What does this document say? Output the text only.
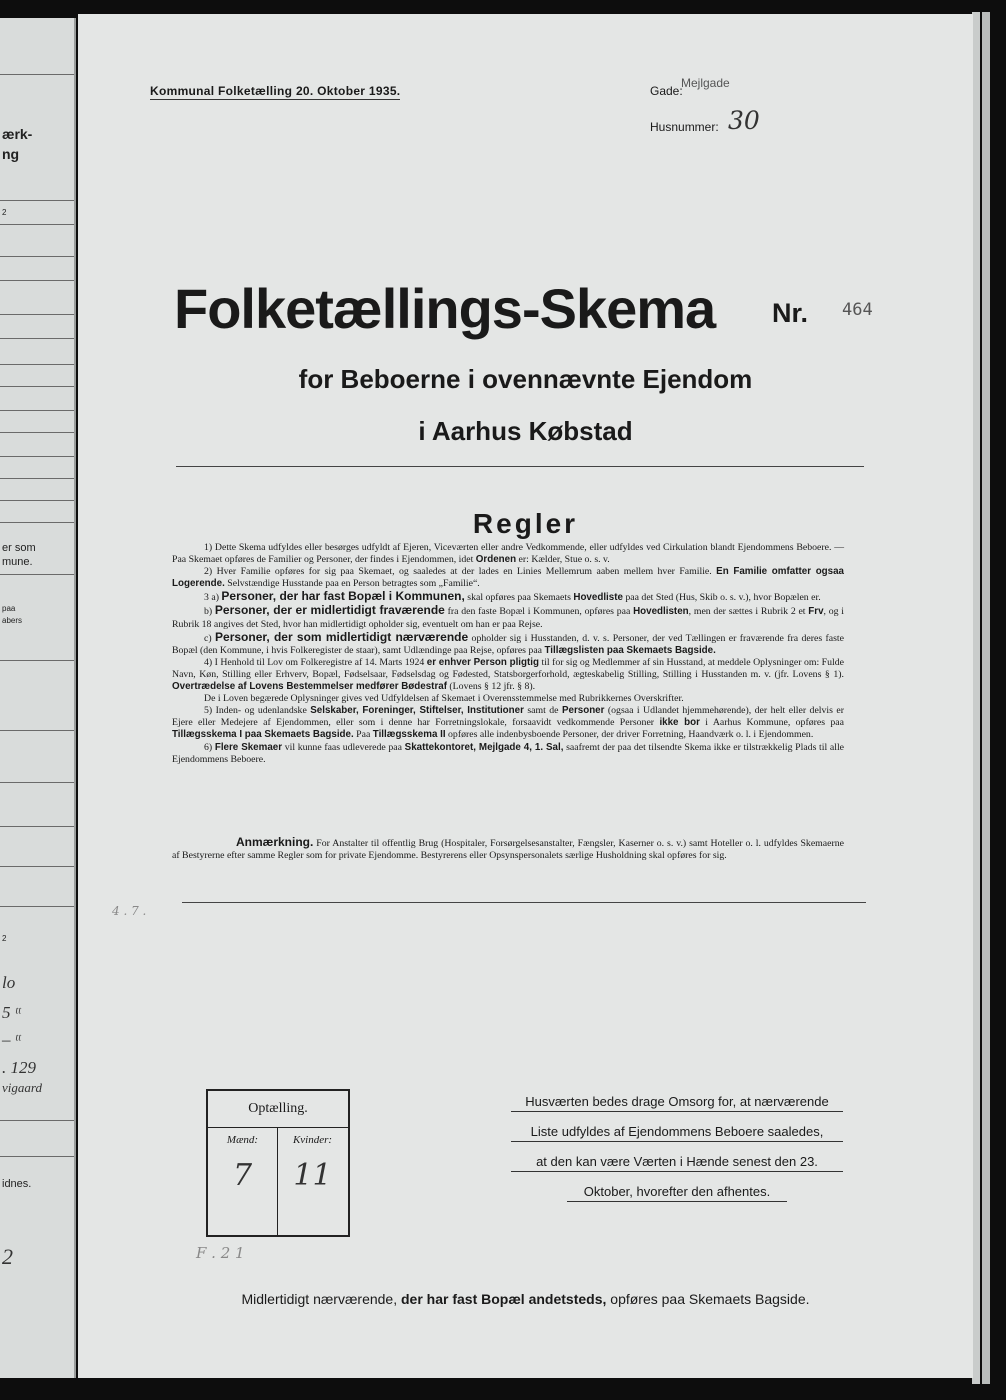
ærk-
ng
2
er som
mune.
paa
abers
2
lo
5 ᵗᵗ
– ᵗᵗ
. 129
vigaard
idnes.
2
Kommunal Folketælling 20. Oktober 1935.	Gade:
Mejlgade
Husnummer: 30
Folketællings-Skema Nr. 464
for Beboerne i ovennævnte Ejendom
i Aarhus Købstad
Regler

1) Dette Skema udfyldes eller besørges udfyldt af Ejeren, Viceværten eller andre Vedkommende, eller udfyldes ved Cirkulation blandt Ejendommens Beboere. — Paa Skemaet opføres de Familier og Personer, der findes i Ejendommen, idet Ordenen er: Kælder, Stue o. s. v.

2) Hver Familie opføres for sig paa Skemaet, og saaledes at der lades en Linies Mellemrum aaben mellem hver Familie. En Familie omfatter ogsaa Logerende. Selvstændige Husstande paa en Person betragtes som „Familie“.

3 a) Personer, der har fast Bopæl i Kommunen, skal opføres paa Skemaets Hovedliste paa det Sted (Hus, Skib o. s. v.), hvor Bopælen er.

b) Personer, der er midlertidigt fraværende fra den faste Bopæl i Kommunen, opføres paa Hovedlisten, men der sættes i Rubrik 2 et Frv, og i Rubrik 18 angives det Sted, hvor han midlertidigt opholder sig, eventuelt om han er paa Rejse.

c) Personer, der som midlertidigt nærværende opholder sig i Husstanden, d. v. s. Personer, der ved Tællingen er fraværende fra deres faste Bopæl (den Kommune, i hvis Folkeregister de staar), samt Udlændinge paa Rejse, opføres paa Tillægslisten paa Skemaets Bagside.

4) I Henhold til Lov om Folkeregistre af 14. Marts 1924 er enhver Person pligtig til for sig og Medlemmer af sin Husstand, at meddele Oplysninger om: Fulde Navn, Køn, Stilling eller Erhverv, Bopæl, Fødselsaar, Fødselsdag og Fødested, Statsborgerforhold, ægteskabelig Stilling, Stilling i Husstanden m. v. (jfr. Lovens § 1). Overtrædelse af Lovens Bestemmelser medfører Bødestraf (Lovens § 12 jfr. § 8).

De i Loven begærede Oplysninger gives ved Udfyldelsen af Skemaet i Overensstemmelse med Rubrikkernes Overskrifter.

5) Inden- og udenlandske Selskaber, Foreninger, Stiftelser, Institutioner samt de Personer (ogsaa i Udlandet hjemmehørende), der helt eller delvis er Ejere eller Medejere af Ejendommen, eller som i denne har Forretningslokale, forsaavidt vedkommende Personer ikke bor i Aarhus Kommune, opføres paa Tillægsskema I paa Skemaets Bagside. Paa Tillægsskema II opføres alle indenbysboende Personer, der driver Forretning, Haandværk o. l. i Ejendommen.

6) Flere Skemaer vil kunne faas udleverede paa Skattekontoret, Mejlgade 4, 1. Sal, saafremt der paa det tilsendte Skema ikke er tilstrækkelig Plads til alle Ejendommens Beboere.

Anmærkning. For Anstalter til offentlig Brug (Hospitaler, Forsørgelsesanstalter, Fængsler, Kaserner o. s. v.) samt Hoteller o. l. udfyldes Skemaerne af Bestyrerne efter samme Regler som for private Ejendomme. Bestyrerens eller Opsynspersonalets særlige Husholdning skal opføres for sig.
4 . 7 .
Optælling.
Mænd:	Kvinder:
7	11
F . 2 1
Husværten bedes drage Omsorg for, at nærværende
Liste udfyldes af Ejendommens Beboere saaledes,
at den kan være Værten i Hænde senest den 23.
Oktober, hvorefter den afhentes.
Midlertidigt nærværende, der har fast Bopæl andetsteds, opføres paa Skemaets Bagside.
